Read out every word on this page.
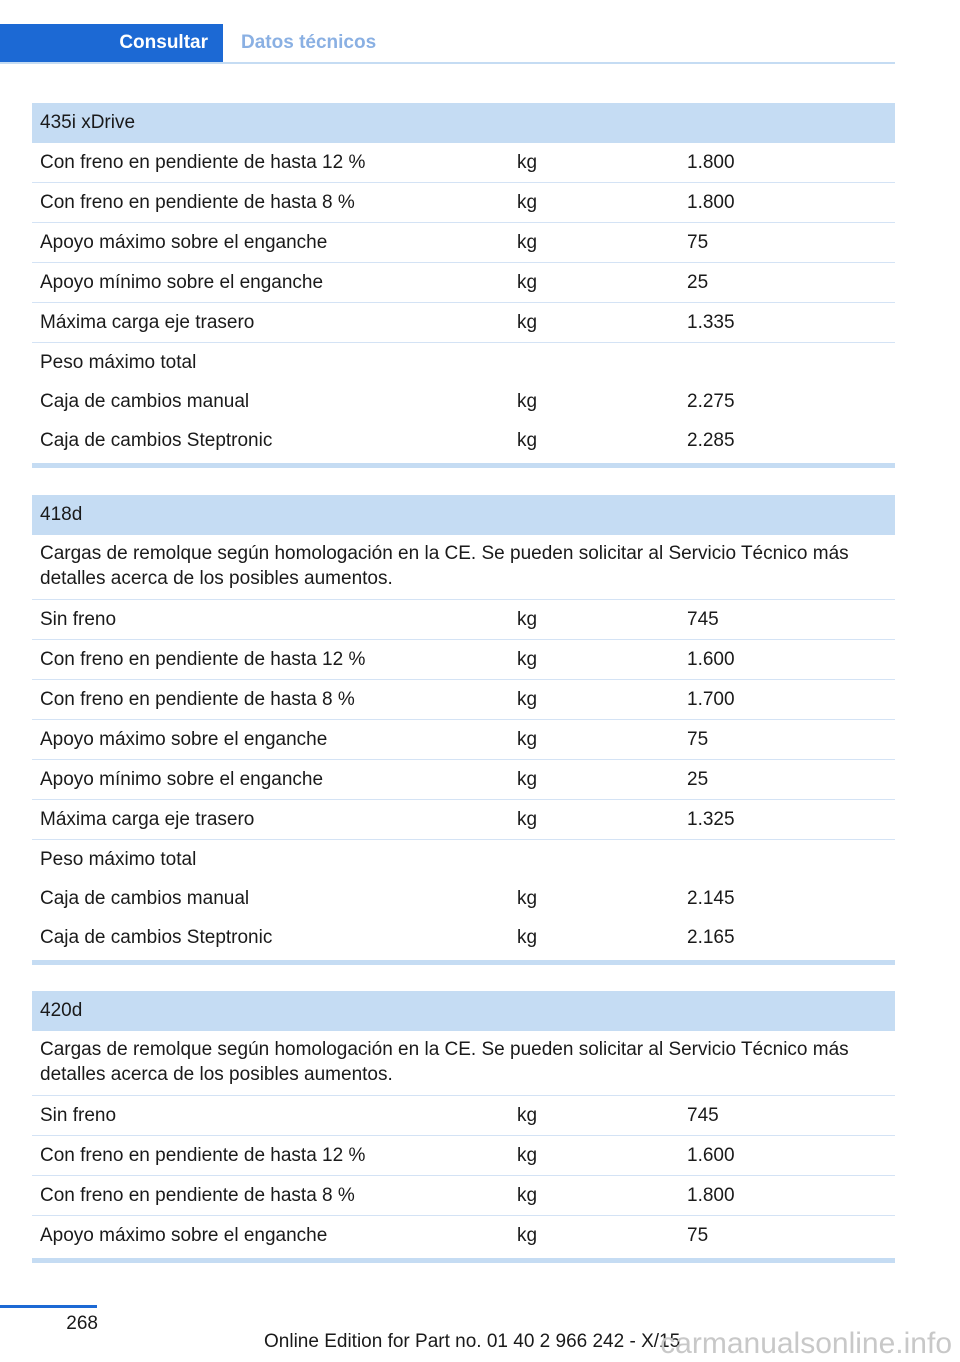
Consultar	Datos técnicos
435i xDrive
Con freno en pendiente de hasta 12 %	kg	1.800
Con freno en pendiente de hasta 8 %	kg	1.800
Apoyo máximo sobre el enganche	kg	75
Apoyo mínimo sobre el enganche	kg	25
Máxima carga eje trasero	kg	1.335
Peso máximo total
Caja de cambios manual	kg	2.275
Caja de cambios Steptronic	kg	2.285
418d
Cargas de remolque según homologación en la CE. Se pueden solicitar al Servicio Técnico más detalles acerca de los posibles aumentos.
Sin freno	kg	745
Con freno en pendiente de hasta 12 %	kg	1.600
Con freno en pendiente de hasta 8 %	kg	1.700
Apoyo máximo sobre el enganche	kg	75
Apoyo mínimo sobre el enganche	kg	25
Máxima carga eje trasero	kg	1.325
Peso máximo total
Caja de cambios manual	kg	2.145
Caja de cambios Steptronic	kg	2.165
420d
Cargas de remolque según homologación en la CE. Se pueden solicitar al Servicio Técnico más detalles acerca de los posibles aumentos.
Sin freno	kg	745
Con freno en pendiente de hasta 12 %	kg	1.600
Con freno en pendiente de hasta 8 %	kg	1.800
Apoyo máximo sobre el enganche	kg	75
268
Online Edition for Part no. 01 40 2 966 242 - X/15
carmanualsonline.info
